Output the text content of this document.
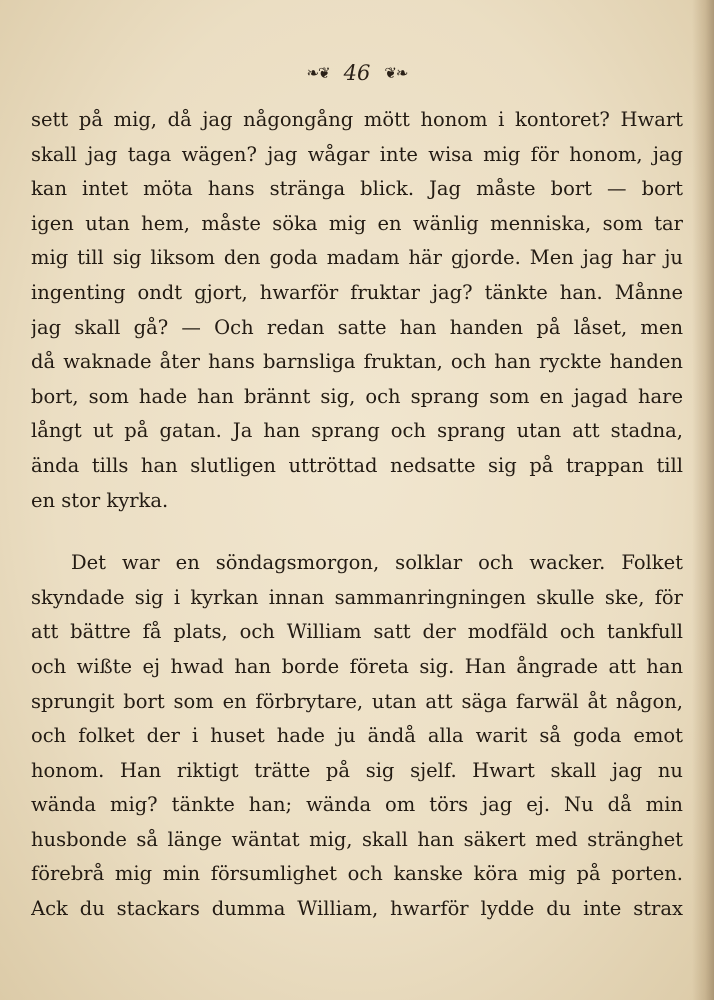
❧❦ 46 ❦❧
sett på mig, då jag någongång mött honom i kontoret? Hwart
skall jag taga wägen? jag wågar inte wisa mig för honom, jag
kan intet möta hans stränga blick. Jag måste bort — bort
igen utan hem, måste söka mig en wänlig menniska, som tar
mig till sig liksom den goda madam här gjorde. Men jag har ju
ingenting ondt gjort, hwarför fruktar jag? tänkte han. Månne
jag skall gå? — Och redan satte han handen på låset, men
då waknade åter hans barnsliga fruktan, och han ryckte handen
bort, som hade han brännt sig, och sprang som en jagad hare
långt ut på gatan. Ja han sprang och sprang utan att stadna,
ända tills han slutligen uttröttad nedsatte sig på trappan till
en stor kyrka.
Det war en söndagsmorgon, solklar och wacker. Folket
skyndade sig i kyrkan innan sammanringningen skulle ske, för
att bättre få plats, och William satt der modfäld och tankfull
och wißte ej hwad han borde företa sig. Han ångrade att han
sprungit bort som en förbrytare, utan att säga farwäl åt någon,
och folket der i huset hade ju ändå alla warit så goda emot
honom. Han riktigt trätte på sig sjelf. Hwart skall jag nu
wända mig? tänkte han; wända om törs jag ej. Nu då min
husbonde så länge wäntat mig, skall han säkert med stränghet
förebrå mig min försumlighet och kanske köra mig på porten.
Ack du stackars dumma William, hwarför lydde du inte strax
